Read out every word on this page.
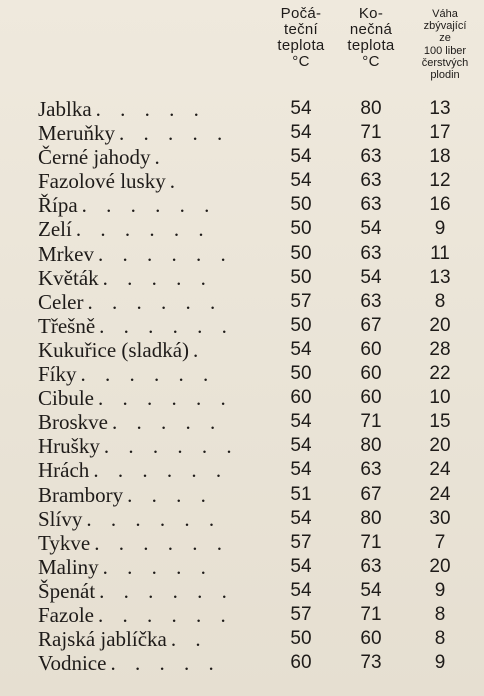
Počá-
teční
teplota
°C
Ko-
nečná
teplota
°C
Váha
zbývající
ze
100 liber
čerstvých
plodin
Jablka . . . . .	54	80	13
Meruňky . . . . .	54	71	17
Černé jahody .	54	63	18
Fazolové lusky .	54	63	12
Řípa . . . . . .	50	63	16
Zelí . . . . . .	50	54	9
Mrkev . . . . . .	50	63	11
Květák . . . . .	50	54	13
Celer . . . . . .	57	63	8
Třešně . . . . . .	50	67	20
Kukuřice (sladká) .	54	60	28
Fíky . . . . . .	50	60	22
Cibule . . . . . .	60	60	10
Broskve . . . . .	54	71	15
Hrušky . . . . . .	54	80	20
Hrách . . . . . .	54	63	24
Brambory . . . .	51	67	24
Slívy . . . . . .	54	80	30
Tykve . . . . . .	57	71	7
Maliny . . . . .	54	63	20
Špenát . . . . . .	54	54	9
Fazole . . . . . .	57	71	8
Rajská jablíčka . .	50	60	8
Vodnice . . . . .	60	73	9
